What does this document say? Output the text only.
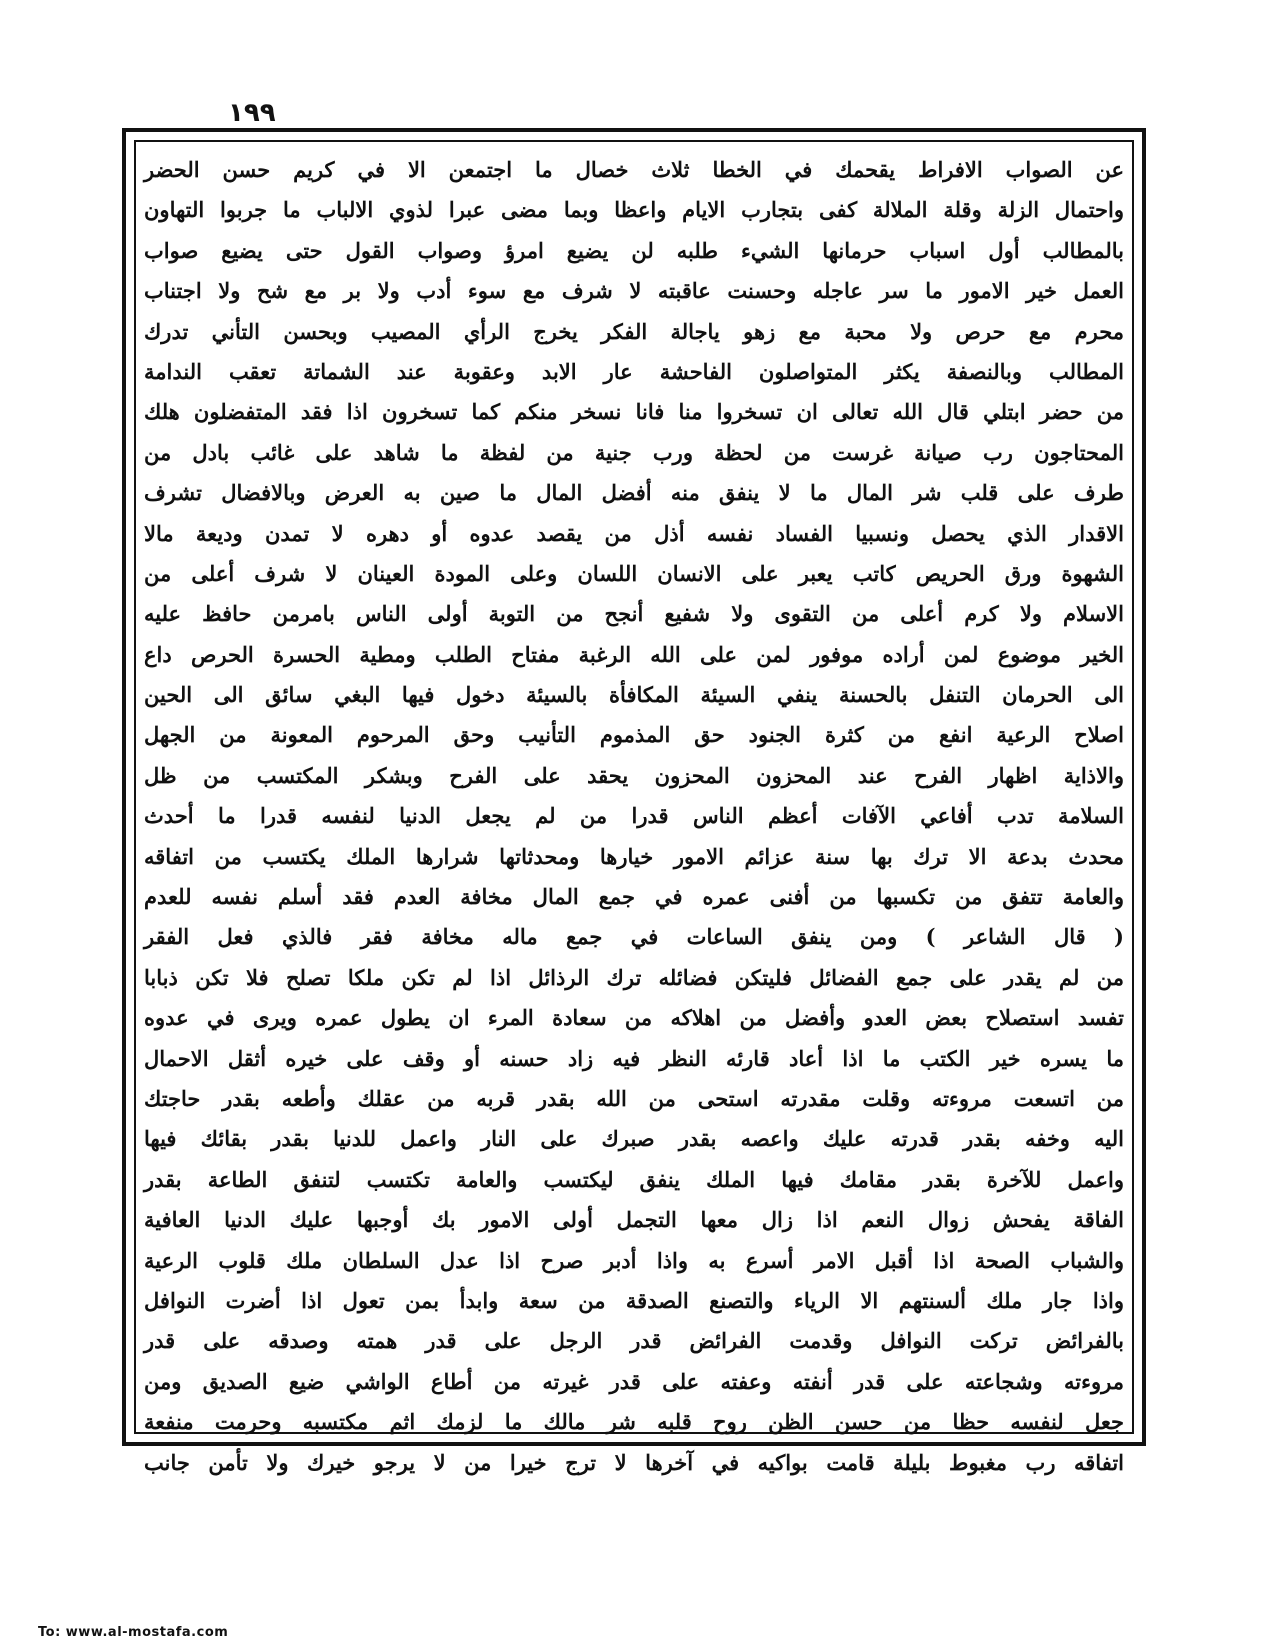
١٩٩
عن الصواب الافراط يقحمك في الخطا ثلاث خصال ما اجتمعن الا في كريم حسن الحضر
واحتمال الزلة وقلة الملالة كفى بتجارب الايام واعظا وبما مضى عبرا لذوي الالباب ما جربوا التهاون
بالمطالب أول اسباب حرمانها الشيء طلبه لن يضيع امرؤ وصواب القول حتى يضيع صواب
العمل خير الامور ما سر عاجله وحسنت عاقبته لا شرف مع سوء أدب ولا بر مع شح ولا اجتناب
محرم مع حرص ولا محبة مع زهو ياجالة الفكر يخرج الرأي المصيب وبحسن التأني تدرك
المطالب وبالنصفة يكثر المتواصلون الفاحشة عار الابد وعقوبة عند الشماتة تعقب الندامة
من حضر ابتلي قال الله تعالى ان تسخروا منا فانا نسخر منكم كما تسخرون اذا فقد المتفضلون هلك
المحتاجون رب صيانة غرست من لحظة ورب جنية من لفظة ما شاهد على غائب بادل من
طرف على قلب شر المال ما لا ينفق منه أفضل المال ما صين به العرض وبالافضال تشرف
الاقدار الذي يحصل ونسبيا الفساد نفسه أذل من يقصد عدوه أو دهره لا تمدن وديعة مالا
الشهوة ورق الحريص كاتب يعبر على الانسان اللسان وعلى المودة العينان لا شرف أعلى من
الاسلام ولا كرم أعلى من التقوى ولا شفيع أنجح من التوبة أولى الناس بامرمن حافظ عليه
الخير موضوع لمن أراده موفور لمن على الله الرغبة مفتاح الطلب ومطية الحسرة الحرص داع
الى الحرمان التنفل بالحسنة ينفي السيئة المكافأة بالسيئة دخول فيها البغي سائق الى الحين
اصلاح الرعية انفع من كثرة الجنود حق المذموم التأنيب وحق المرحوم المعونة من الجهل
والاذاية اظهار الفرح عند المحزون المحزون يحقد على الفرح وبشكر المكتسب من ظل
السلامة تدب أفاعي الآفات أعظم الناس قدرا من لم يجعل الدنيا لنفسه قدرا ما أحدث
محدث بدعة الا ترك بها سنة عزائم الامور خيارها ومحدثاتها شرارها الملك يكتسب من اتفاقه
والعامة تتفق من تكسبها من أفنى عمره في جمع المال مخافة العدم فقد أسلم نفسه للعدم
( قال الشاعر ) ومن ينفق الساعات في جمع ماله مخافة فقر فالذي فعل الفقر
من لم يقدر على جمع الفضائل فليتكن فضائله ترك الرذائل اذا لم تكن ملكا تصلح فلا تكن ذبابا
تفسد استصلاح بعض العدو وأفضل من اهلاكه من سعادة المرء ان يطول عمره ويرى في عدوه
ما يسره خير الكتب ما اذا أعاد قارئه النظر فيه زاد حسنه أو وقف على خيره أثقل الاحمال
من اتسعت مروءته وقلت مقدرته استحى من الله بقدر قربه من عقلك وأطعه بقدر حاجتك
اليه وخفه بقدر قدرته عليك واعصه بقدر صبرك على النار واعمل للدنيا بقدر بقائك فيها
واعمل للآخرة بقدر مقامك فيها الملك ينفق ليكتسب والعامة تكتسب لتنفق الطاعة بقدر
الفاقة يفحش زوال النعم اذا زال معها التجمل أولى الامور بك أوجبها عليك الدنيا العافية
والشباب الصحة اذا أقبل الامر أسرع به واذا أدبر صرح اذا عدل السلطان ملك قلوب الرعية
واذا جار ملك ألسنتهم الا الرياء والتصنع الصدقة من سعة وابدأ بمن تعول اذا أضرت النوافل
بالفرائض تركت النوافل وقدمت الفرائض قدر الرجل على قدر همته وصدقه على قدر
مروءته وشجاعته على قدر أنفته وعفته على قدر غيرته من أطاع الواشي ضيع الصديق ومن
جعل لنفسه حظا من حسن الظن روح قلبه شر مالك ما لزمك اثم مكتسبه وحرمت منفعة
اتفاقه رب مغبوط بليلة قامت بواكيه في آخرها لا ترج خيرا من لا يرجو خيرك ولا تأمن جانب
To: www.al-mostafa.com
